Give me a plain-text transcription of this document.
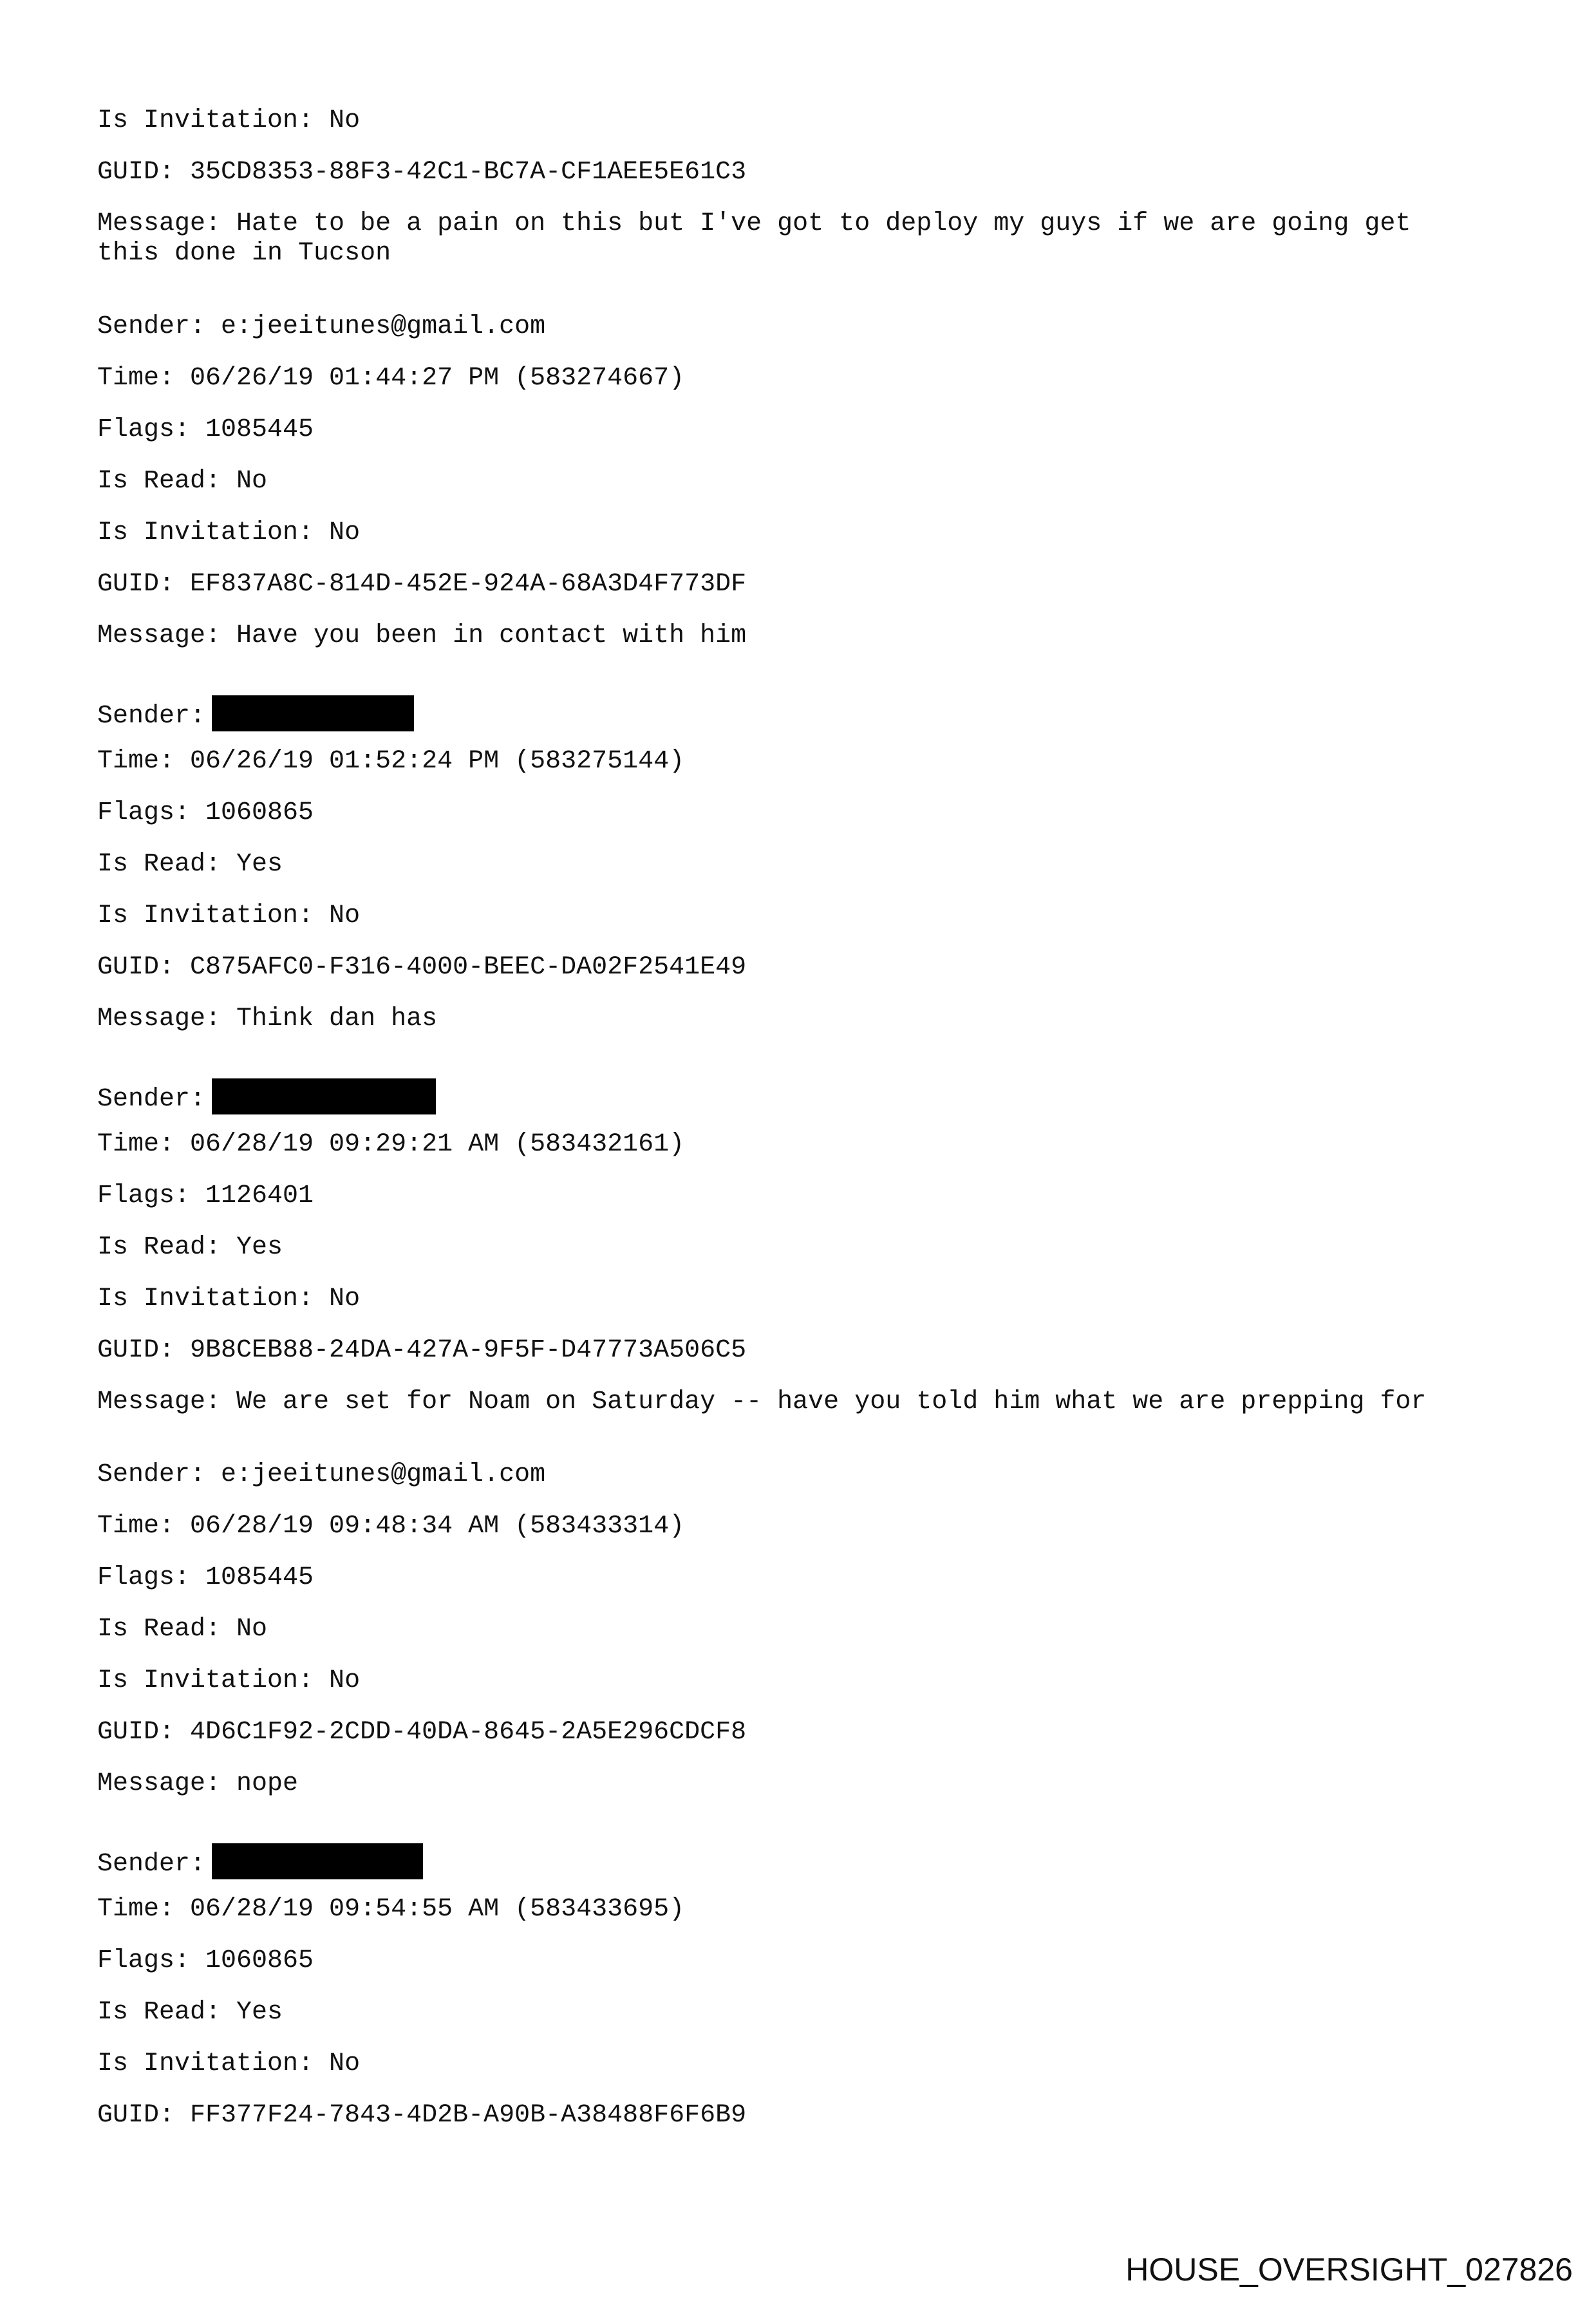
Is Invitation: No
GUID: 35CD8353-88F3-42C1-BC7A-CF1AEE5E61C3
Message: Hate to be a pain on this but I've got to deploy my guys if we are going get
this done in Tucson
Sender: e:jeeitunes@gmail.com
Time: 06/26/19 01:44:27 PM (583274667)
Flags: 1085445
Is Read: No
Is Invitation: No
GUID: EF837A8C-814D-452E-924A-68A3D4F773DF
Message: Have you been in contact with him
Sender:
Time: 06/26/19 01:52:24 PM (583275144)
Flags: 1060865
Is Read: Yes
Is Invitation: No
GUID: C875AFC0-F316-4000-BEEC-DA02F2541E49
Message: Think dan has
Sender:
Time: 06/28/19 09:29:21 AM (583432161)
Flags: 1126401
Is Read: Yes
Is Invitation: No
GUID: 9B8CEB88-24DA-427A-9F5F-D47773A506C5
Message: We are set for Noam on Saturday -- have you told him what we are prepping for
Sender: e:jeeitunes@gmail.com
Time: 06/28/19 09:48:34 AM (583433314)
Flags: 1085445
Is Read: No
Is Invitation: No
GUID: 4D6C1F92-2CDD-40DA-8645-2A5E296CDCF8
Message: nope
Sender:
Time: 06/28/19 09:54:55 AM (583433695)
Flags: 1060865
Is Read: Yes
Is Invitation: No
GUID: FF377F24-7843-4D2B-A90B-A38488F6F6B9
HOUSE_OVERSIGHT_027826
